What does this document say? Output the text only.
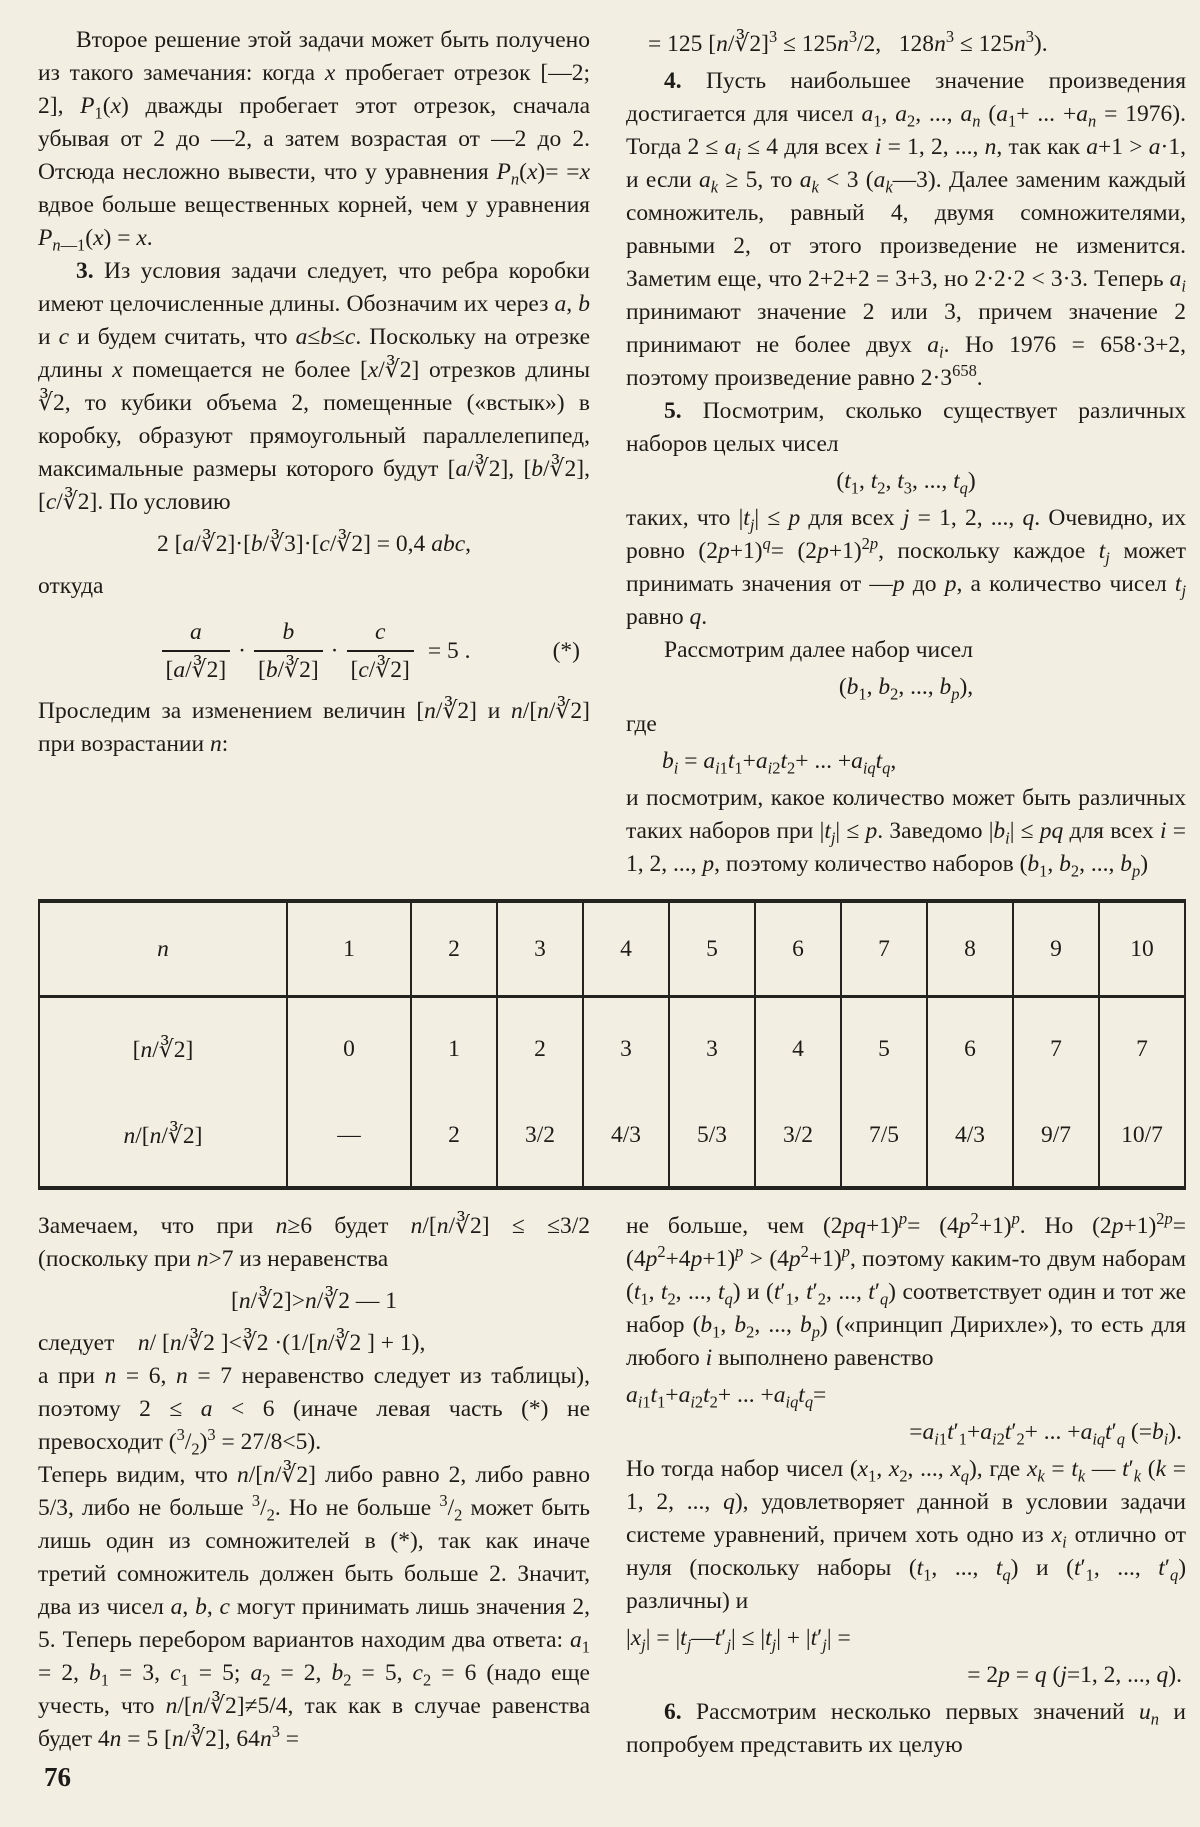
Второе решение этой задачи может быть получено из такого замечания: когда x пробегает отрезок [—2; 2], $P_1(x)$ дважды пробегает этот отрезок, сначала убывая от 2 до —2, а затем возрастая от —2 до 2. Отсюда несложно вывести, что у уравнения $P_n(x)= =x$ вдвое больше вещественных корней, чем у уравнения $P_{n—1}(x) = x$.

3. Из условия задачи следует, что ребра коробки имеют целочисленные длины. Обозначим их через a, b и c и будем считать, что a≤b≤c. Поскольку на отрезке длины x помещается не более [x/∛2] отрезков длины ∛2, то кубики объема 2, помещенные («встык») в коробку, образуют прямоугольный параллелепипед, максимальные размеры которого будут [a/∛2], [b/∛2], [c/∛2]. По условию

2 [a/∛2]·[b/∛3]·[c/∛2] = 0,4 abc,

откуда

$\frac{a}{[a/∛2]} \cdot \frac{b}{[b/∛2]} \cdot \frac{c}{[c/∛2]} = 5$ .	(*)

Проследим за изменением величин [n/∛2] и n/[n/∛2] при возрастании n:

= 125 [n/∛2]$^3$ ≤ $125n^3/2$,  $128n^3 \le 125n^3$).

4. Пусть наибольшее значение произведения достигается для чисел $a_1$, $a_2$, ..., $a_n$ ($a_1+$ ... $+a_n = 1976$). Тогда $2 \le a_i \le 4$ для всех i = 1, 2, ..., n, так как a+1 > a·1, и если $a_k \ge 5$, то $a_k < 3$ $(a_k—3)$. Далее заменим каждый сомножитель, равный 4, двумя сомножителями, равными 2, от этого произведение не изменится. Заметим еще, что 2+2+2 = 3+3, но 2·2·2 < 3·3. Теперь $a_i$ принимают значение 2 или 3, причем значение 2 принимают не более двух $a_i$. Но 1976 = 658·3+2, поэтому произведение равно $2\cdot 3^{658}$.

5. Посмотрим, сколько существует различных наборов целых чисел

($t_1$, $t_2$, $t_3$, ..., $t_q$)

таких, что $|t_j| \le p$ для всех j = 1, 2, ..., q. Очевидно, их ровно $(2p+1)^q= (2p+1)^{2p}$, поскольку каждое $t_j$ может принимать значения от —p до p, а количество чисел $t_j$ равно q.

Рассмотрим далее набор чисел

($b_1$, $b_2$, ..., $b_p$),

где

$b_i = a_{i1}t_1+a_{i2}t_2+$ ... $+a_{iq}t_q$,

и посмотрим, какое количество может быть различных таких наборов при $|t_j| \le p$. Заведомо $|b_i|$ ≤ pq для всех i = 1, 2, ..., p, поэтому количество наборов ($b_1$, $b_2$, ..., $b_p$)

n	1	2	3	4	5	6	7	8	9	10
[n/∛2]	0	1	2	3	3	4	5	6	7	7
n/[n/∛2]	—	2	3/2	4/3	5/3	3/2	7/5	4/3	9/7	10/7

Замечаем, что при n≥6 будет n/[n/∛2] ≤ ≤3/2 (поскольку при n>7 из неравенства

[n/∛2]>n/∛2 — 1

следует n/ [n/∛2 ]<∛2 ·(1/[n/∛2 ] + 1),

а при n = 6, n = 7 неравенство следует из таблицы), поэтому 2 ≤ a < 6 (иначе левая часть (*) не превосходит $(^3/_2)^3 = 27/8<5$).

Теперь видим, что n/[n/∛2] либо равно 2, либо равно 5/3, либо не больше $^3/_2$. Но не больше $^3/_2$ может быть лишь один из сомножителей в (*), так как иначе третий сомножитель должен быть больше 2. Значит, два из чисел a, b, c могут принимать лишь значения 2, 5. Теперь перебором вариантов находим два ответа: $a_1 = 2$, $b_1 = 3$, $c_1 = 5$; $a_2 = 2$, $b_2 = 5$, $c_2 = 6$ (надо еще учесть, что n/[n/∛2]≠5/4, так как в случае равенства будет 4n = 5 [n/∛2], $64n^3$ =

не больше, чем $(2pq+1)^p= (4p^2+1)^p$. Но $(2p+1)^{2p}= (4p^2+4p+1)^p > (4p^2+1)^p$, поэтому каким-то двум наборам ($t_1$, $t_2$, ..., $t_q$) и ($t'_1$, $t'_2$, ..., $t'_q$) соответствует один и тот же набор ($b_1$, $b_2$, ..., $b_p$) («принцип Дирихле»), то есть для любого i выполнено равенство

$a_{i1}t_1+a_{i2}t_2+$ ... $+a_{iq}t_q=$
$=a_{i1}t'_1+a_{i2}t'_2+$ ... $+a_{iq}t'_q$ $(=b_i)$.

Но тогда набор чисел ($x_1$, $x_2$, ..., $x_q$), где $x_k = t_k$ — $t'_k$ (k = 1, 2, ..., q), удовлетворяет данной в условии задачи системе уравнений, причем хоть одно из $x_i$ отлично от нуля (поскольку наборы ($t_1$, ..., $t_q$) и ($t'_1$, ..., $t'_q$) различны) и

$|x_j|$ = $|t_j—t'_j| \le |t_j| + |t'_j|$ =
= 2p = q (j=1, 2, ..., q).

6. Рассмотрим несколько первых значений $u_n$ и попробуем представить их целую

76
